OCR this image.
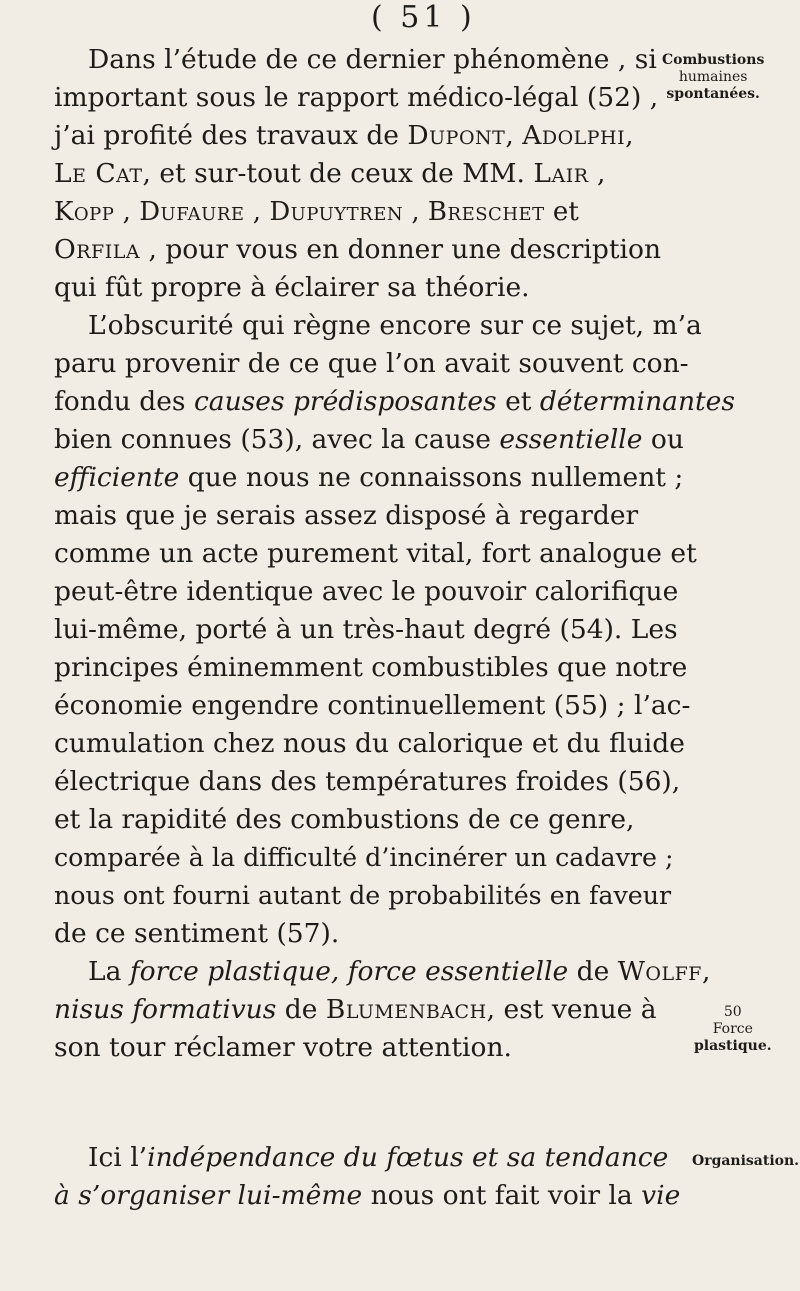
( 51 )
Combustions
humaines
spontanées.
50
Force
plastique.
Organisation.
Dans l’étude de ce dernier phénomène , si
important sous le rapport médico-légal (52) ,
j’ai profité des travaux de Dupont, Adolphi,
Le Cat, et sur-tout de ceux de MM. Lair ,
Kopp , Dufaure , Dupuytren , Breschet et
Orfila , pour vous en donner une description
qui fût propre à éclairer sa théorie.
L’obscurité qui règne encore sur ce sujet, m’a
paru provenir de ce que l’on avait souvent con-
fondu des causes prédisposantes et déterminantes
bien connues (53), avec la cause essentielle ou
efficiente que nous ne connaissons nullement ;
mais que je serais assez disposé à regarder
comme un acte purement vital, fort analogue et
peut-être identique avec le pouvoir calorifique
lui-même, porté à un très-haut degré (54). Les
principes éminemment combustibles que notre
économie engendre continuellement (55) ; l’ac-
cumulation chez nous du calorique et du fluide
électrique dans des températures froides (56),
et la rapidité des combustions de ce genre,
comparée à la difficulté d’incinérer un cadavre ;
nous ont fourni autant de probabilités en faveur
de ce sentiment (57).
La force plastique, force essentielle de Wolff,
nisus formativus de Blumenbach, est venue à
son tour réclamer votre attention.
Ici l’indépendance du fœtus et sa tendance
à s’organiser lui-même nous ont fait voir la vie
